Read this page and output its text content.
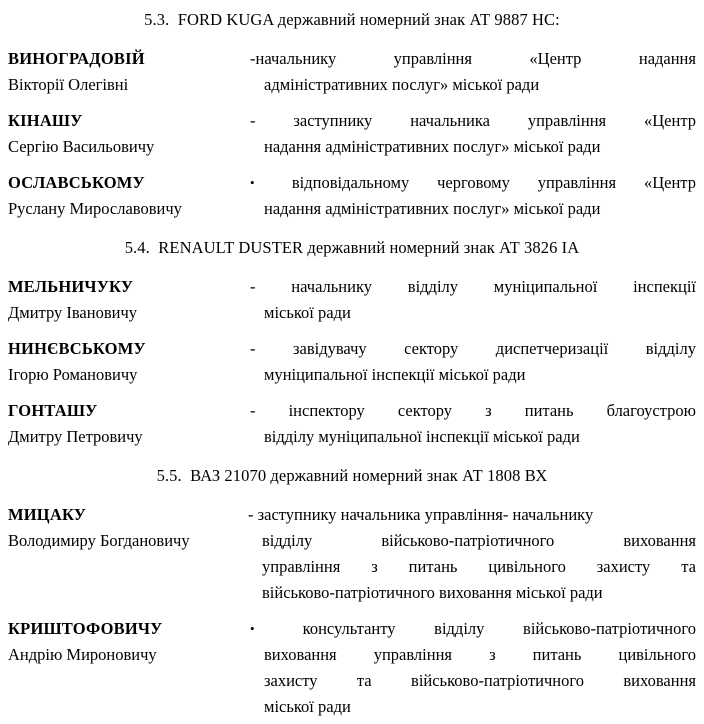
5.3.  FORD KUGA державний номерний знак АТ 9887 НС:
ВИНОГРАДОВІЙ
Вікторії Олегівні
-начальнику	управління	«Центр	надання
адміністративних послуг» міської ради
КІНАШУ
Сергію Васильовичу
- заступнику начальника управління «Центр
надання адміністративних послуг» міської ради
ОСЛАВСЬКОМУ
Руслану Мирославовичу
•	відповідальному черговому управління «Центр
надання адміністративних послуг» міської ради
5.4.  RENAULT DUSTER державний номерний знак АТ 3826 ІА
МЕЛЬНИЧУКУ
Дмитру Івановичу
- начальнику відділу муніципальної інспекції
міської ради
НИНЄВСЬКОМУ
Ігорю Романовичу
- завідувачу сектору диспетчеризації відділу
муніципальної інспекції міської ради
ГОНТАШУ
Дмитру Петровичу
- інспектору сектору з питань благоустрою
відділу муніципальної інспекції міської ради
5.5.  ВАЗ 21070 державний номерний знак АТ 1808 ВХ
МИЦАКУ
Володимиру Богдановичу
- заступнику начальника управління- начальнику
відділу	військово-патріотичного	виховання
управління з питань цивільного захисту та
військово-патріотичного виховання міської ради
КРИШТОФОВИЧУ
Андрію Мироновичу
•	консультанту відділу військово-патріотичного
виховання управління з питань цивільного
захисту та військово-патріотичного виховання
міської ради
